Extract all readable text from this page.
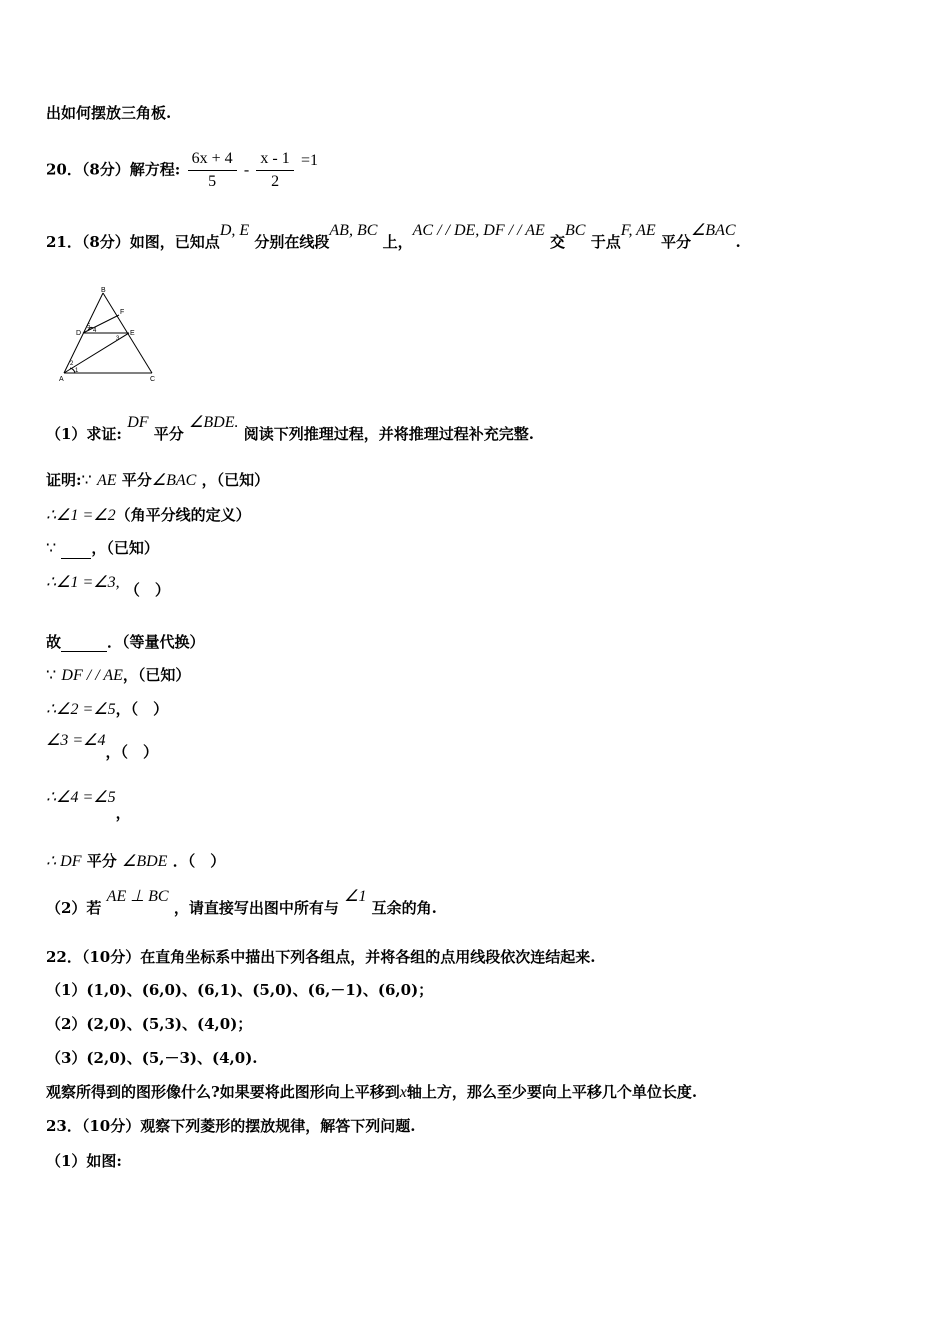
出如何摆放三角板.
20．（8分）解方程: $\frac{6x + 4}{5} - \frac{x - 1}{2} =1$
21．（8分）如图，已知点D, E 分别在线段AB, BC 上，AC / / DE, DF / / AE 交BC 于点F, AE 平分∠BAC.
B
F
D	E
A	C
5
4
3
2
1
（1）求证: DF 平分 ∠BDE. 阅读下列推理过程，并将推理过程补充完整.
证明:∵ AE 平分∠BAC ，（已知）
∴∠1 =∠2（角平分线的定义）
∵ ，（已知）
∴∠1 =∠3, （　）
故	．（等量代换）
∵ DF / / AE，（已知）
∴∠2 =∠5，（　）
∠3 =∠4，（　）
∴∠4 =∠5，
∴ DF 平分 ∠BDE ．（　）
（2）若 AE ⊥ BC ，请直接写出图中所有与 ∠1 互余的角.
22．（10分）在直角坐标系中描出下列各组点，并将各组的点用线段依次连结起来.
（1）(1,0)、(6,0)、(6,1)、(5,0)、(6,－1)、(6,0)；
（2）(2,0)、(5,3)、(4,0)；
（3）(2,0)、(5,－3)、(4,0).
观察所得到的图形像什么?如果要将此图形向上平移到x轴上方，那么至少要向上平移几个单位长度.
23．（10分）观察下列菱形的摆放规律，解答下列问题.
（1）如图:
